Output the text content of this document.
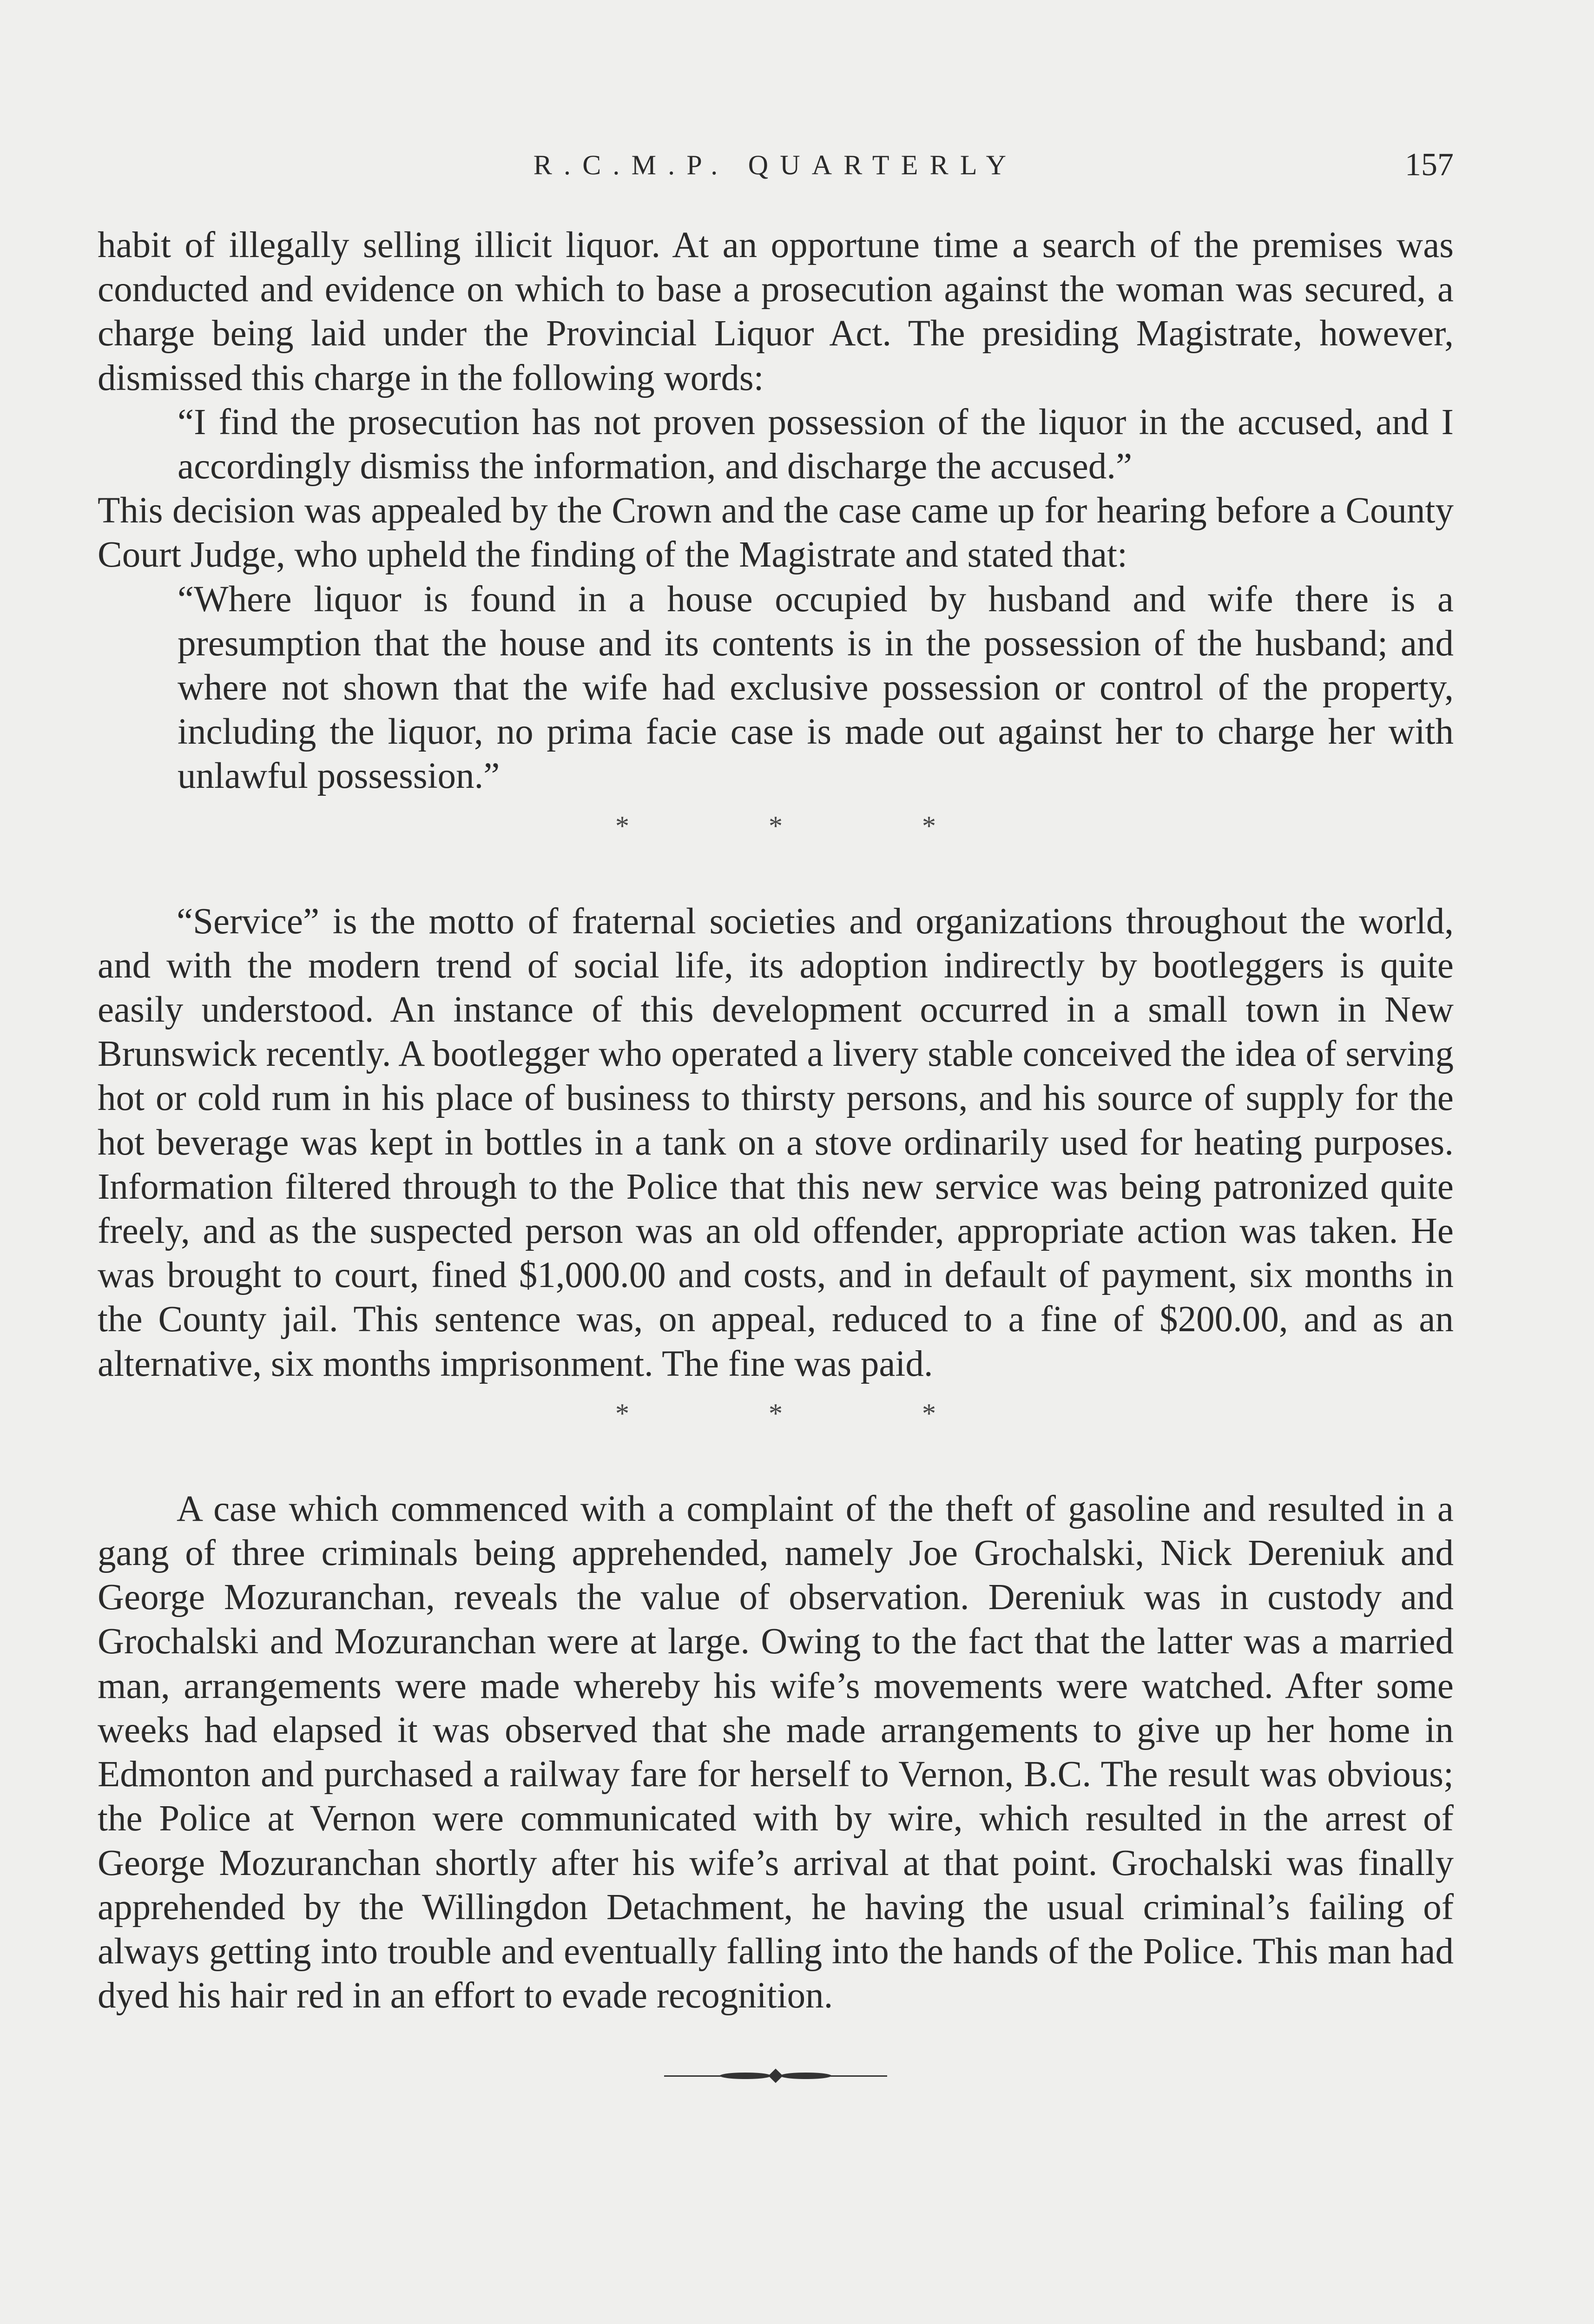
R.C.M.P. QUARTERLY	157

habit of illegally selling illicit liquor. At an opportune time a search of the premises was conducted and evidence on which to base a prosecution against the woman was secured, a charge being laid under the Provincial Liquor Act. The presiding Magistrate, however, dismissed this charge in the following words:

“I find the prosecution has not proven possession of the liquor in the accused, and I accordingly dismiss the information, and discharge the accused.”

This decision was appealed by the Crown and the case came up for hearing before a County Court Judge, who upheld the finding of the Magistrate and stated that:

“Where liquor is found in a house occupied by husband and wife there is a presumption that the house and its contents is in the possession of the husband; and where not shown that the wife had exclusive possession or control of the property, including the liquor, no prima facie case is made out against her to charge her with unlawful possession.”

*	*	*

“Service” is the motto of fraternal societies and organizations throughout the world, and with the modern trend of social life, its adoption indirectly by bootleggers is quite easily understood. An instance of this development occurred in a small town in New Brunswick recently. A bootlegger who operated a livery stable conceived the idea of serving hot or cold rum in his place of business to thirsty persons, and his source of supply for the hot beverage was kept in bottles in a tank on a stove ordinarily used for heating purposes. Information filtered through to the Police that this new service was being patronized quite freely, and as the suspected person was an old offender, appropriate action was taken. He was brought to court, fined $1,000.00 and costs, and in default of payment, six months in the County jail. This sentence was, on appeal, reduced to a fine of $200.00, and as an alternative, six months imprisonment. The fine was paid.

*	*	*

A case which commenced with a complaint of the theft of gasoline and resulted in a gang of three criminals being apprehended, namely Joe Grochalski, Nick Dereniuk and George Mozuranchan, reveals the value of observation. Dereniuk was in custody and Grochalski and Mozuranchan were at large. Owing to the fact that the latter was a married man, arrangements were made whereby his wife’s movements were watched. After some weeks had elapsed it was observed that she made arrangements to give up her home in Edmonton and purchased a railway fare for herself to Vernon, B.C. The result was obvious; the Police at Vernon were communicated with by wire, which resulted in the arrest of George Mozuranchan shortly after his wife’s arrival at that point. Grochalski was finally apprehended by the Willingdon Detachment, he having the usual criminal’s failing of always getting into trouble and eventually falling into the hands of the Police. This man had dyed his hair red in an effort to evade recognition.
